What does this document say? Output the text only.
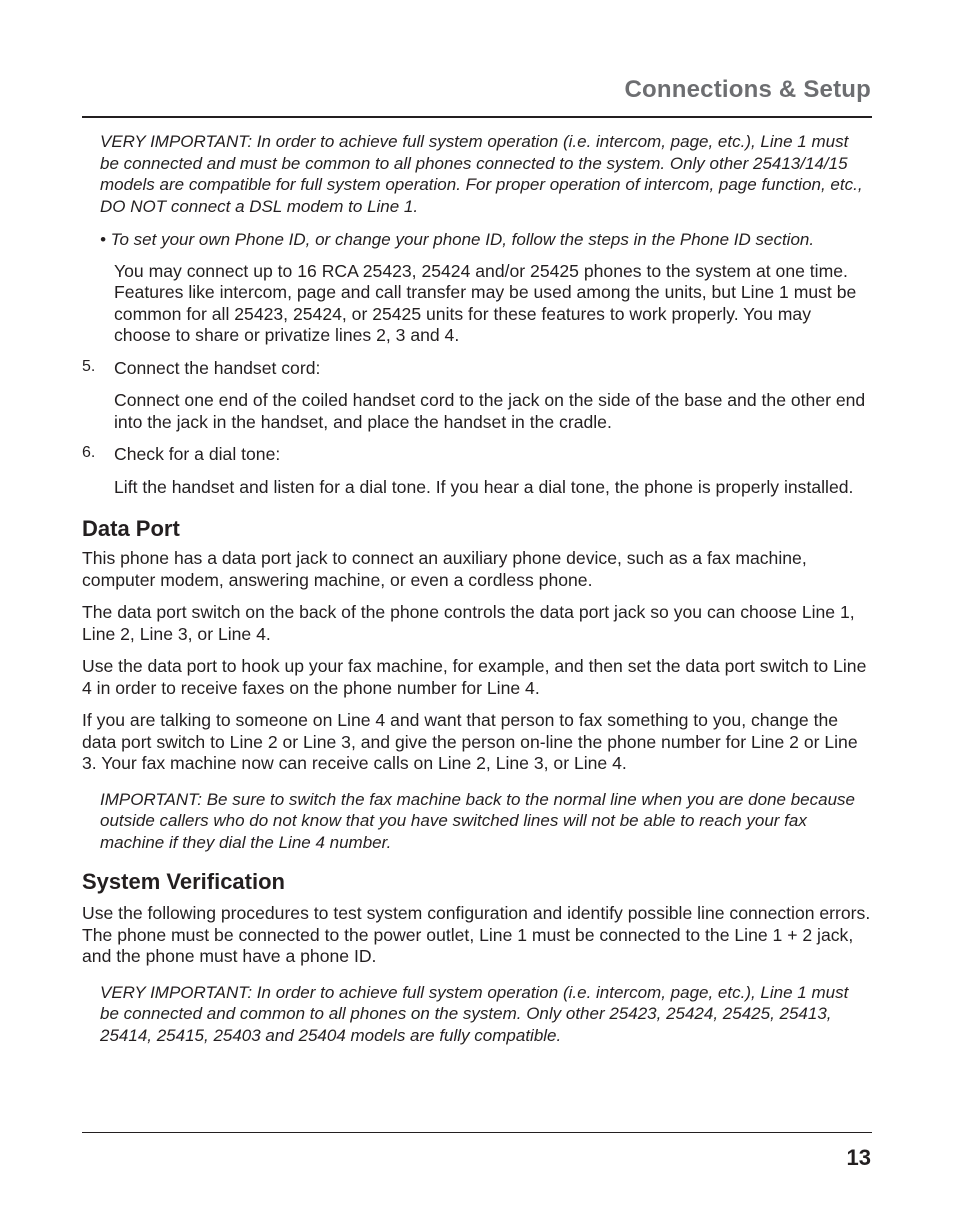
Connections & Setup

VERY IMPORTANT: In order to achieve full system operation (i.e. intercom, page, etc.), Line 1 must be connected and must be common to all phones connected to the system. Only other 25413/14/15 models are compatible for full system operation. For proper operation of intercom, page function, etc., DO NOT connect a DSL modem to Line 1.

• To set your own Phone ID, or change your phone ID, follow the steps in the Phone ID section.

You may connect up to 16 RCA 25423, 25424 and/or 25425 phones to the system at one time. Features like intercom, page and call transfer may be used among the units, but Line 1 must be common for all 25423, 25424, or 25425 units for these features to work properly. You may choose to share or privatize lines 2, 3 and 4.

5.	Connect the handset cord:

Connect one end of the coiled handset cord to the jack on the side of the base and the other end into the jack in the handset, and place the handset in the cradle.

6.	Check for a dial tone:

Lift the handset and listen for a dial tone. If you hear a dial tone, the phone is properly installed.

Data Port

This phone has a data port jack to connect an auxiliary phone device, such as a fax machine, computer modem, answering machine, or even a cordless phone.

The data port switch on the back of the phone controls the data port jack so you can choose Line 1, Line 2, Line 3, or Line 4.

Use the data port to hook up your fax machine, for example, and then set the data port switch to Line 4 in order to receive faxes on the phone number for Line 4.

If you are talking to someone on Line 4 and want that person to fax something to you, change the data port switch to Line 2 or Line 3, and give the person on-line the phone number for Line 2 or Line 3. Your fax machine now can receive calls on Line 2, Line 3, or Line 4.

IMPORTANT: Be sure to switch the fax machine back to the normal line when you are done because outside callers who do not know that you have switched lines will not be able to reach your fax machine if they dial the Line 4 number.

System Verification

Use the following procedures to test system configuration and identify possible line connection errors. The phone must be connected to the power outlet, Line 1 must be connected to the Line 1 + 2 jack, and the phone must have a phone ID.

VERY IMPORTANT: In order to achieve full system operation (i.e. intercom, page, etc.), Line 1 must be connected and common to all phones on the system. Only other 25423, 25424, 25425, 25413, 25414, 25415, 25403 and 25404 models are fully compatible.

13
